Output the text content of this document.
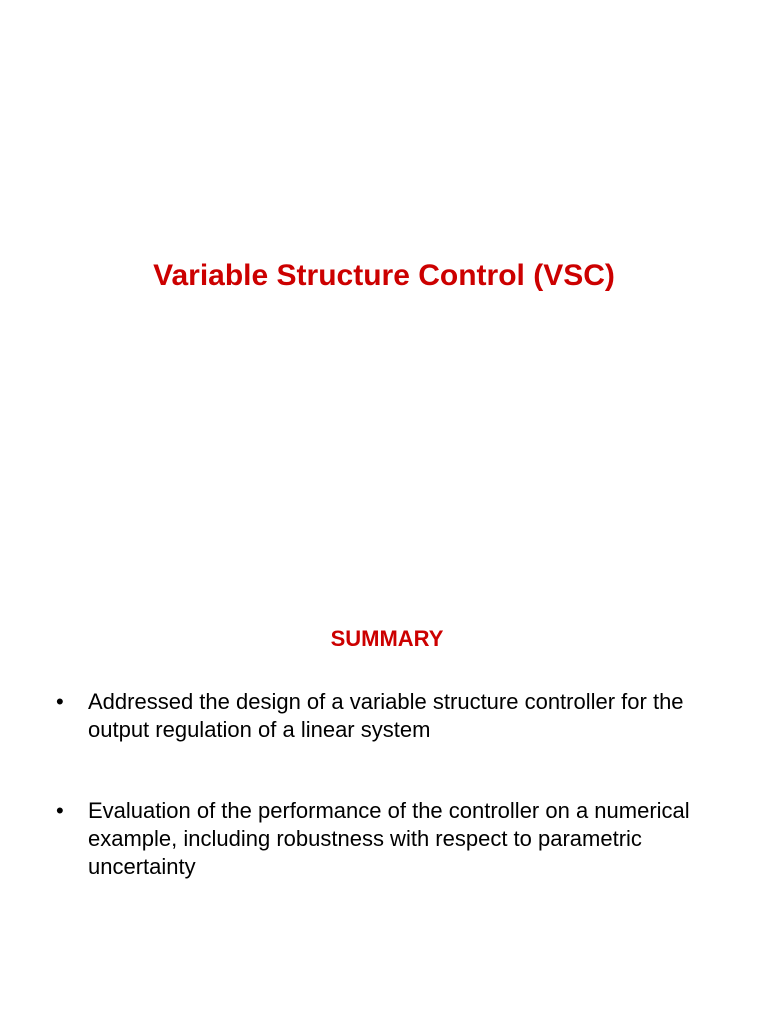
Variable Structure Control (VSC)
SUMMARY
•	Addressed the design of a variable structure controller for the output regulation of a linear system
•	Evaluation of the performance of the controller on a numerical example, including robustness with respect to parametric uncertainty
